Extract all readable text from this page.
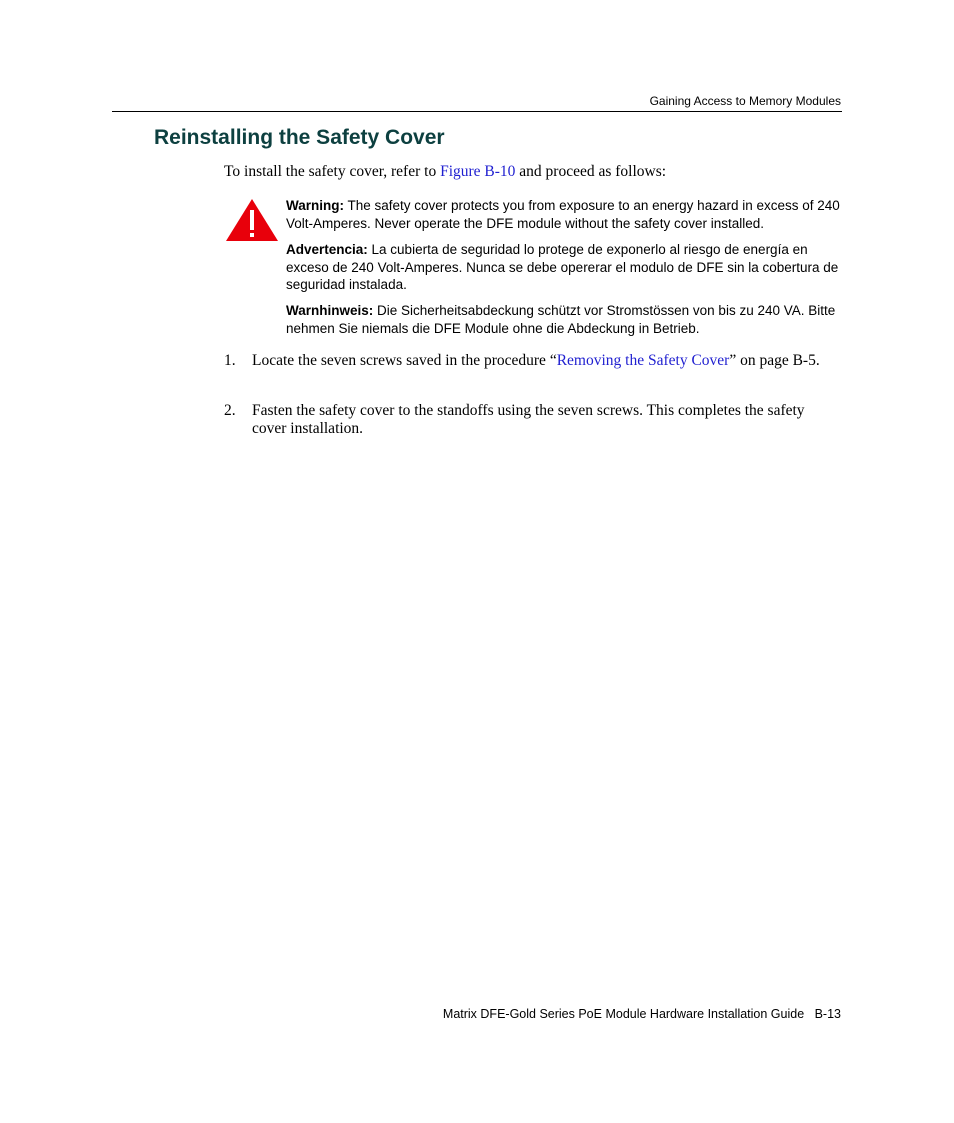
Gaining Access to Memory Modules
Reinstalling the Safety Cover

To install the safety cover, refer to Figure B-10 and proceed as follows:

Warning: The safety cover protects you from exposure to an energy hazard in excess of 240 Volt-Amperes. Never operate the DFE module without the safety cover installed.
Advertencia: La cubierta de seguridad lo protege de exponerlo al riesgo de energía en exceso de 240 Volt-Amperes. Nunca se debe opererar el modulo de DFE sin la cobertura de seguridad instalada.
Warnhinweis: Die Sicherheitsabdeckung schützt vor Stromstössen von bis zu 240 VA. Bitte nehmen Sie niemals die DFE Module ohne die Abdeckung in Betrieb.
1. Locate the seven screws saved in the procedure “Removing the Safety Cover” on page B-5.
2. Fasten the safety cover to the standoffs using the seven screws. This completes the safety cover installation.
Matrix DFE-Gold Series PoE Module Hardware Installation Guide B-13
